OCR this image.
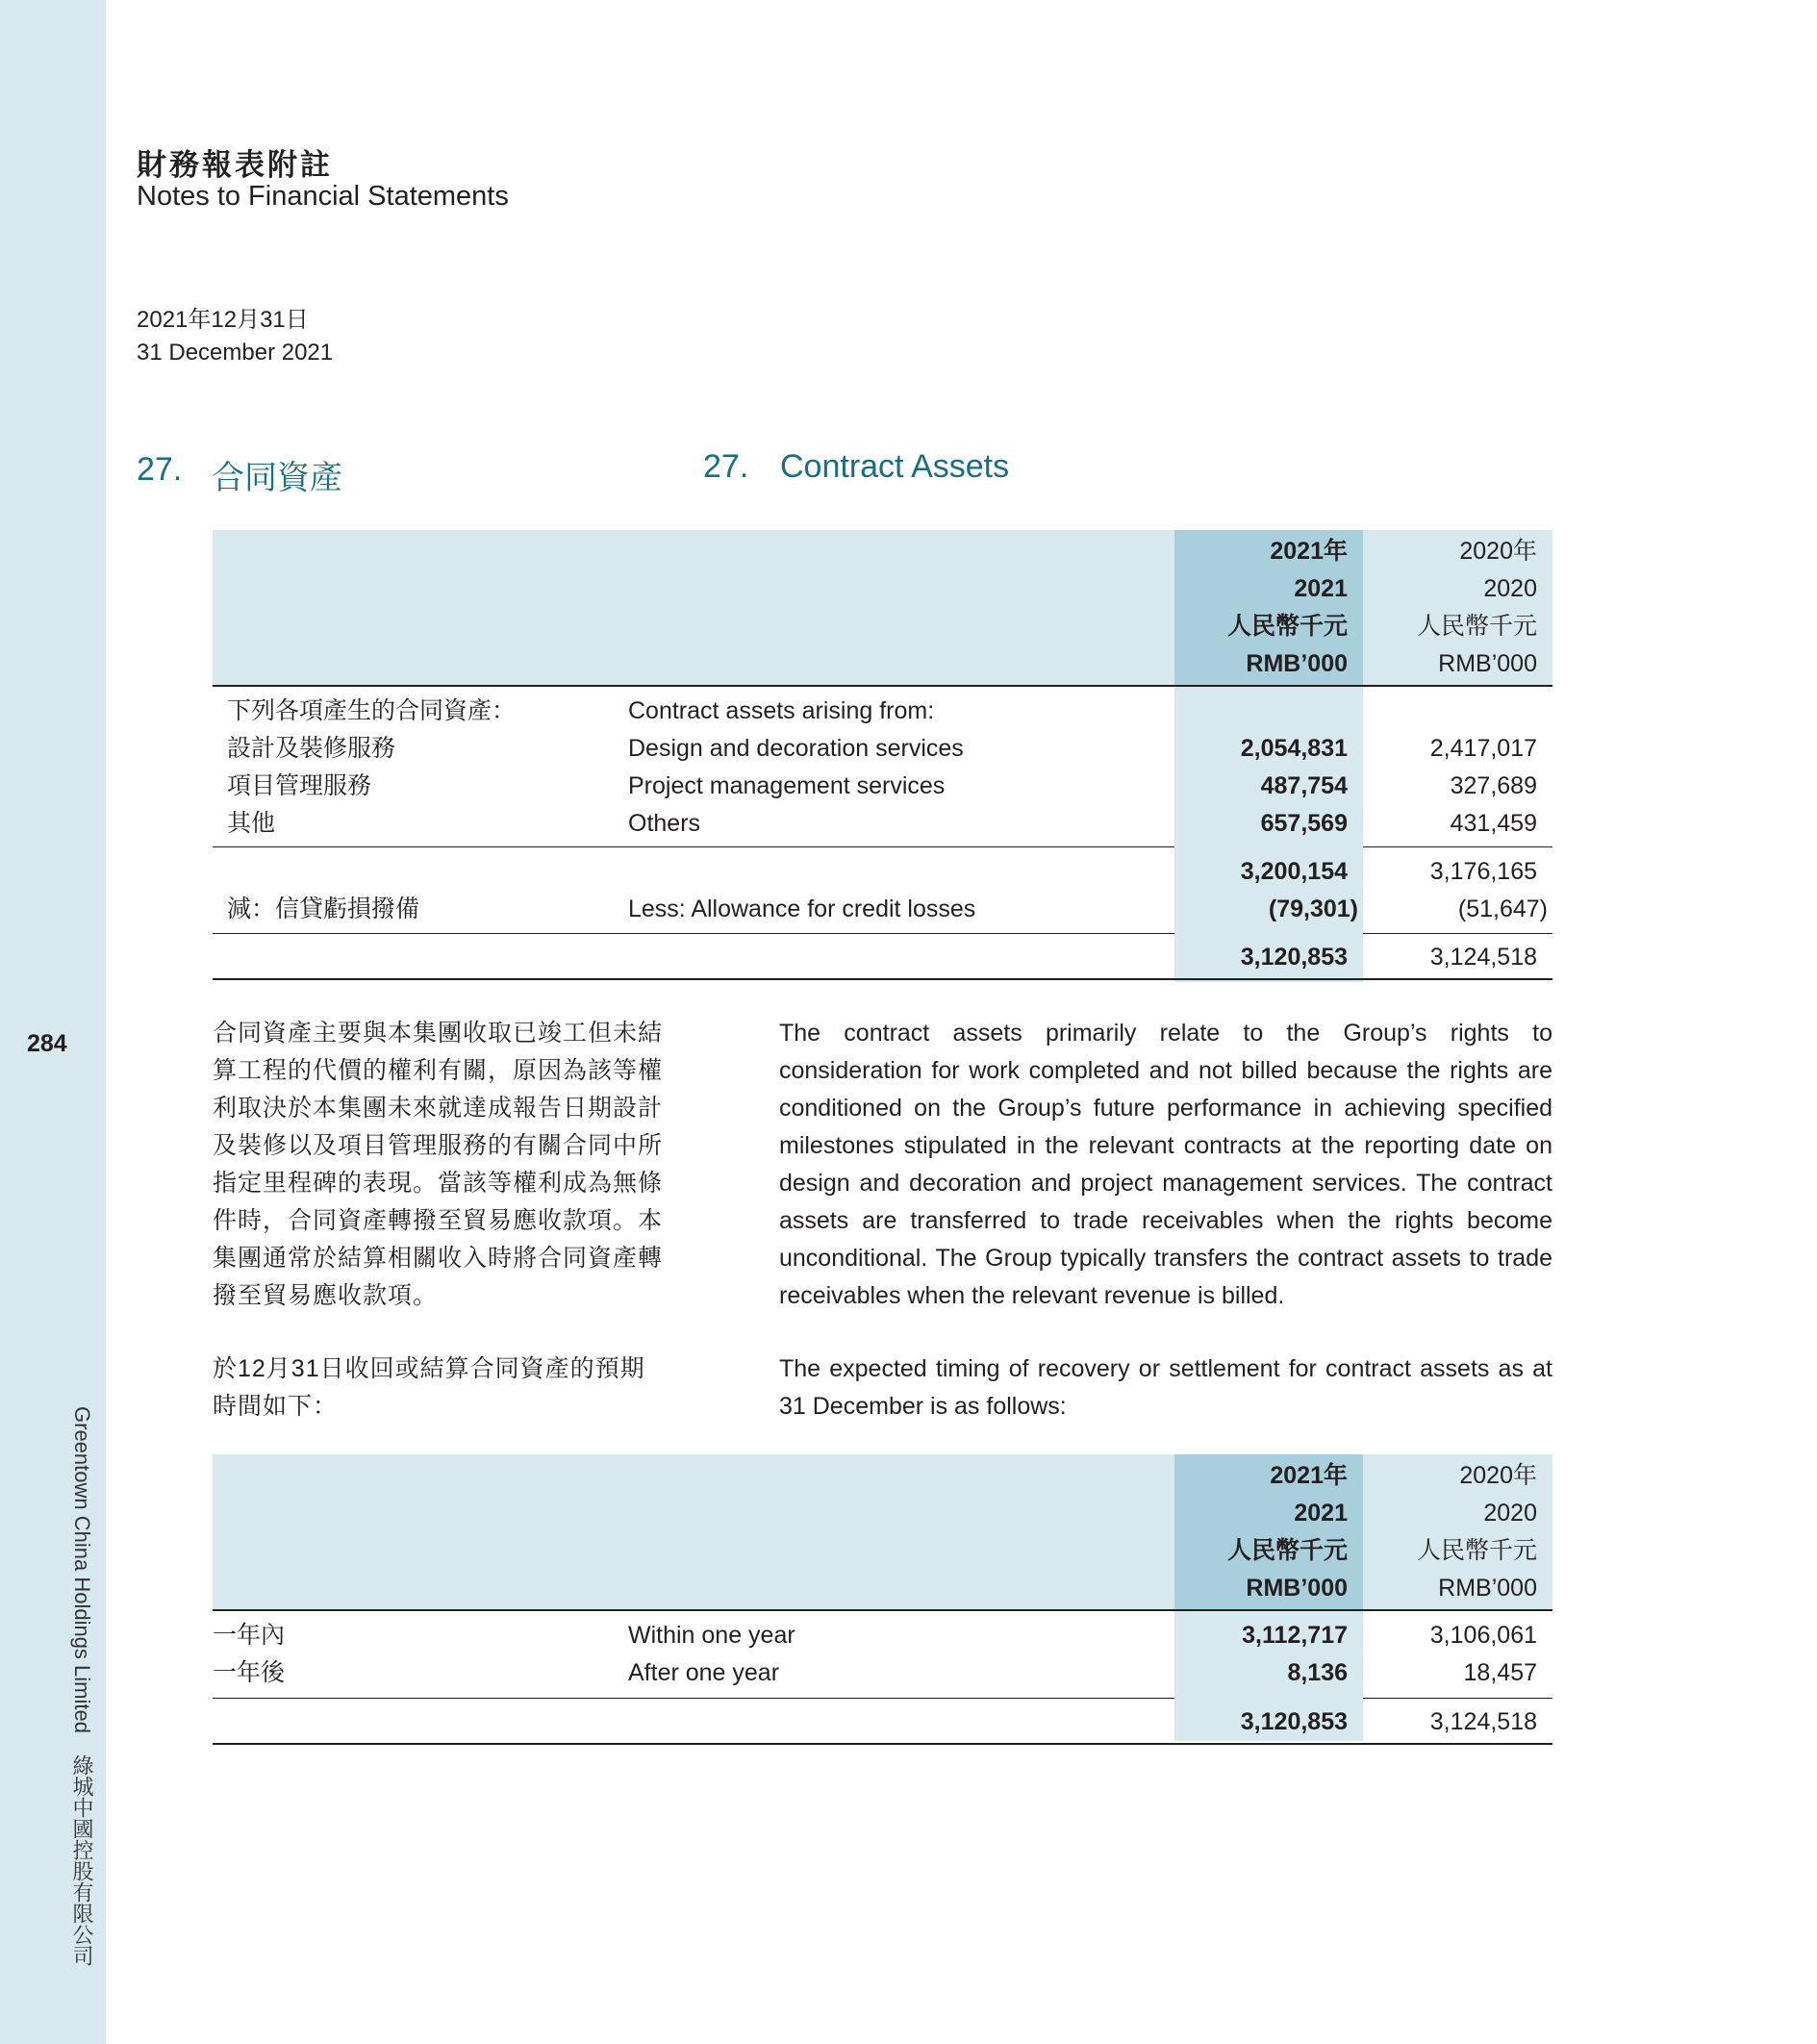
284
Greentown China Holdings Limited　綠城中國控股有限公司
財務報表附註
Notes to Financial Statements
2021年12月31日
31 December 2021
27. 合同資產	27. Contract Assets
2021年
2021
人民幣千元
RMB’000
2020年
2020
人民幣千元
RMB’000
下列各項產生的合同資產：	Contract assets arising from:
設計及裝修服務	Design and decoration services	2,054,831	2,417,017
項目管理服務	Project management services	487,754	327,689
其他	Others	657,569	431,459
3,200,154	3,176,165
減：信貸虧損撥備	Less: Allowance for credit losses	(79,301)	(51,647)
3,120,853	3,124,518
合同資產主要與本集團收取已竣工但未結算工程的代價的權利有關，原因為該等權利取決於本集團未來就達成報告日期設計及裝修以及項目管理服務的有關合同中所指定里程碑的表現。當該等權利成為無條件時，合同資產轉撥至貿易應收款項。本集團通常於結算相關收入時將合同資產轉撥至貿易應收款項。
The contract assets primarily relate to the Group’s rights to consideration for work completed and not billed because the rights are conditioned on the Group’s future performance in achieving specified milestones stipulated in the relevant contracts at the reporting date on design and decoration and project management services. The contract assets are transferred to trade receivables when the rights become unconditional. The Group typically transfers the contract assets to trade receivables when the relevant revenue is billed.
於12月31日收回或結算合同資產的預期時間如下：
The expected timing of recovery or settlement for contract assets as at 31 December is as follows:
2021年
2021
人民幣千元
RMB’000
2020年
2020
人民幣千元
RMB’000
一年內	Within one year	3,112,717	3,106,061
一年後	After one year	8,136	18,457
3,120,853	3,124,518
